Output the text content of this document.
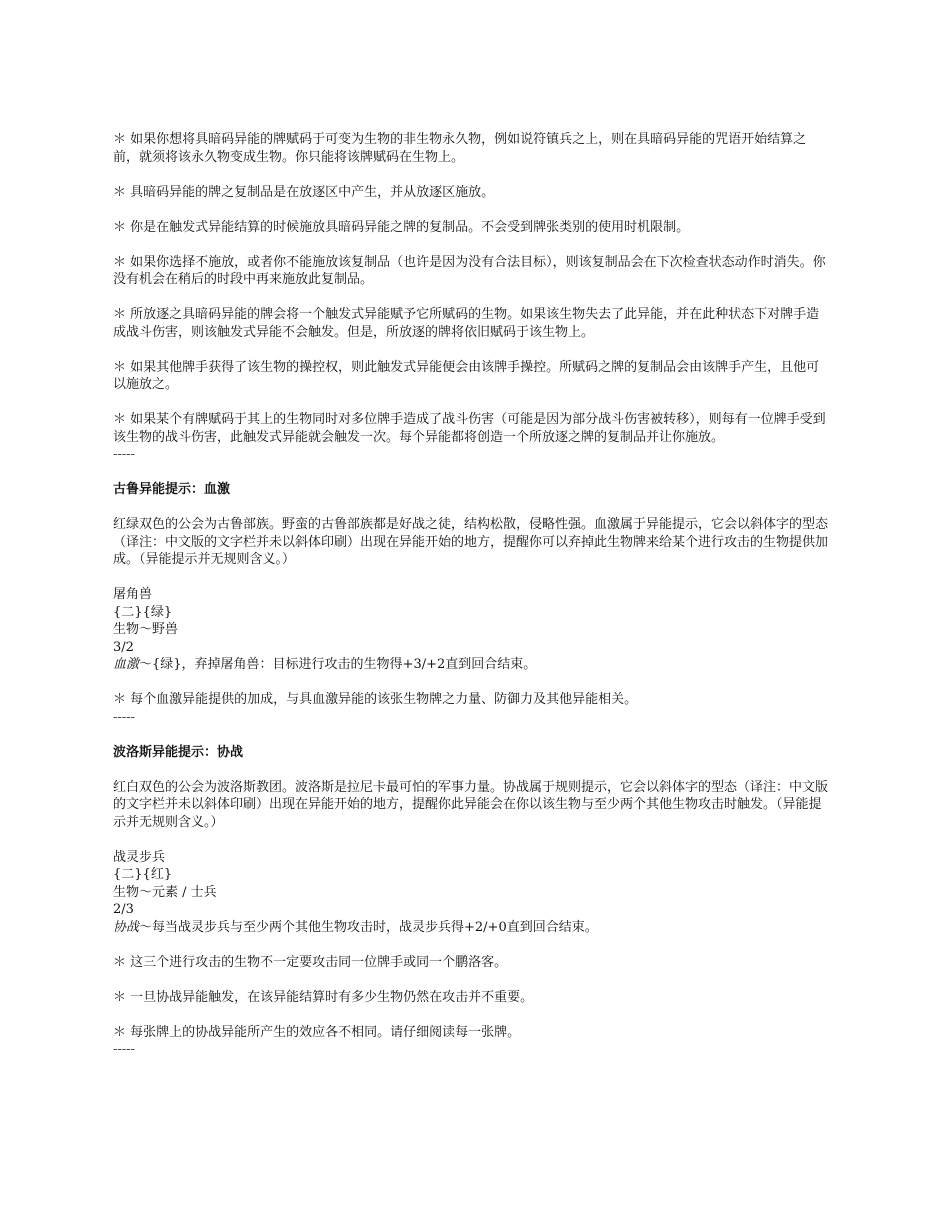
＊ 如果你想将具暗码异能的牌赋码于可变为生物的非生物永久物，例如说符镇兵之上，则在具暗码异能的咒语开始结算之前，就须将该永久物变成生物。你只能将该牌赋码在生物上。

＊ 具暗码异能的牌之复制品是在放逐区中产生，并从放逐区施放。

＊ 你是在触发式异能结算的时候施放具暗码异能之牌的复制品。不会受到牌张类别的使用时机限制。

＊ 如果你选择不施放，或者你不能施放该复制品（也许是因为没有合法目标），则该复制品会在下次检查状态动作时消失。你没有机会在稍后的时段中再来施放此复制品。

＊ 所放逐之具暗码异能的牌会将一个触发式异能赋予它所赋码的生物。如果该生物失去了此异能，并在此种状态下对牌手造成战斗伤害，则该触发式异能不会触发。但是，所放逐的牌将依旧赋码于该生物上。

＊ 如果其他牌手获得了该生物的操控权，则此触发式异能便会由该牌手操控。所赋码之牌的复制品会由该牌手产生，且他可以施放之。

＊ 如果某个有牌赋码于其上的生物同时对多位牌手造成了战斗伤害（可能是因为部分战斗伤害被转移），则每有一位牌手受到该生物的战斗伤害，此触发式异能就会触发一次。每个异能都将创造一个所放逐之牌的复制品并让你施放。

-----
古鲁异能提示：血激

红绿双色的公会为古鲁部族。野蛮的古鲁部族都是好战之徒，结构松散，侵略性强。血激属于异能提示，它会以斜体字的型态（译注：中文版的文字栏并未以斜体印刷）出现在异能开始的地方，提醒你可以弃掉此生物牌来给某个进行攻击的生物提供加成。（异能提示并无规则含义。）

屠角兽
{二}{绿}
生物～野兽
3/2
血激～{绿}，弃掉屠角兽：目标进行攻击的生物得+3/+2直到回合结束。

＊ 每个血激异能提供的加成，与具血激异能的该张生物牌之力量、防御力及其他异能相关。

-----
波洛斯异能提示：协战

红白双色的公会为波洛斯教团。波洛斯是拉尼卡最可怕的军事力量。协战属于规则提示，它会以斜体字的型态（译注：中文版的文字栏并未以斜体印刷）出现在异能开始的地方，提醒你此异能会在你以该生物与至少两个其他生物攻击时触发。（异能提示并无规则含义。）

战灵步兵
{二}{红}
生物～元素 / 士兵
2/3
协战～每当战灵步兵与至少两个其他生物攻击时，战灵步兵得+2/+0直到回合结束。

＊ 这三个进行攻击的生物不一定要攻击同一位牌手或同一个鹏洛客。

＊ 一旦协战异能触发，在该异能结算时有多少生物仍然在攻击并不重要。

＊ 每张牌上的协战异能所产生的效应各不相同。请仔细阅读每一张牌。

-----
